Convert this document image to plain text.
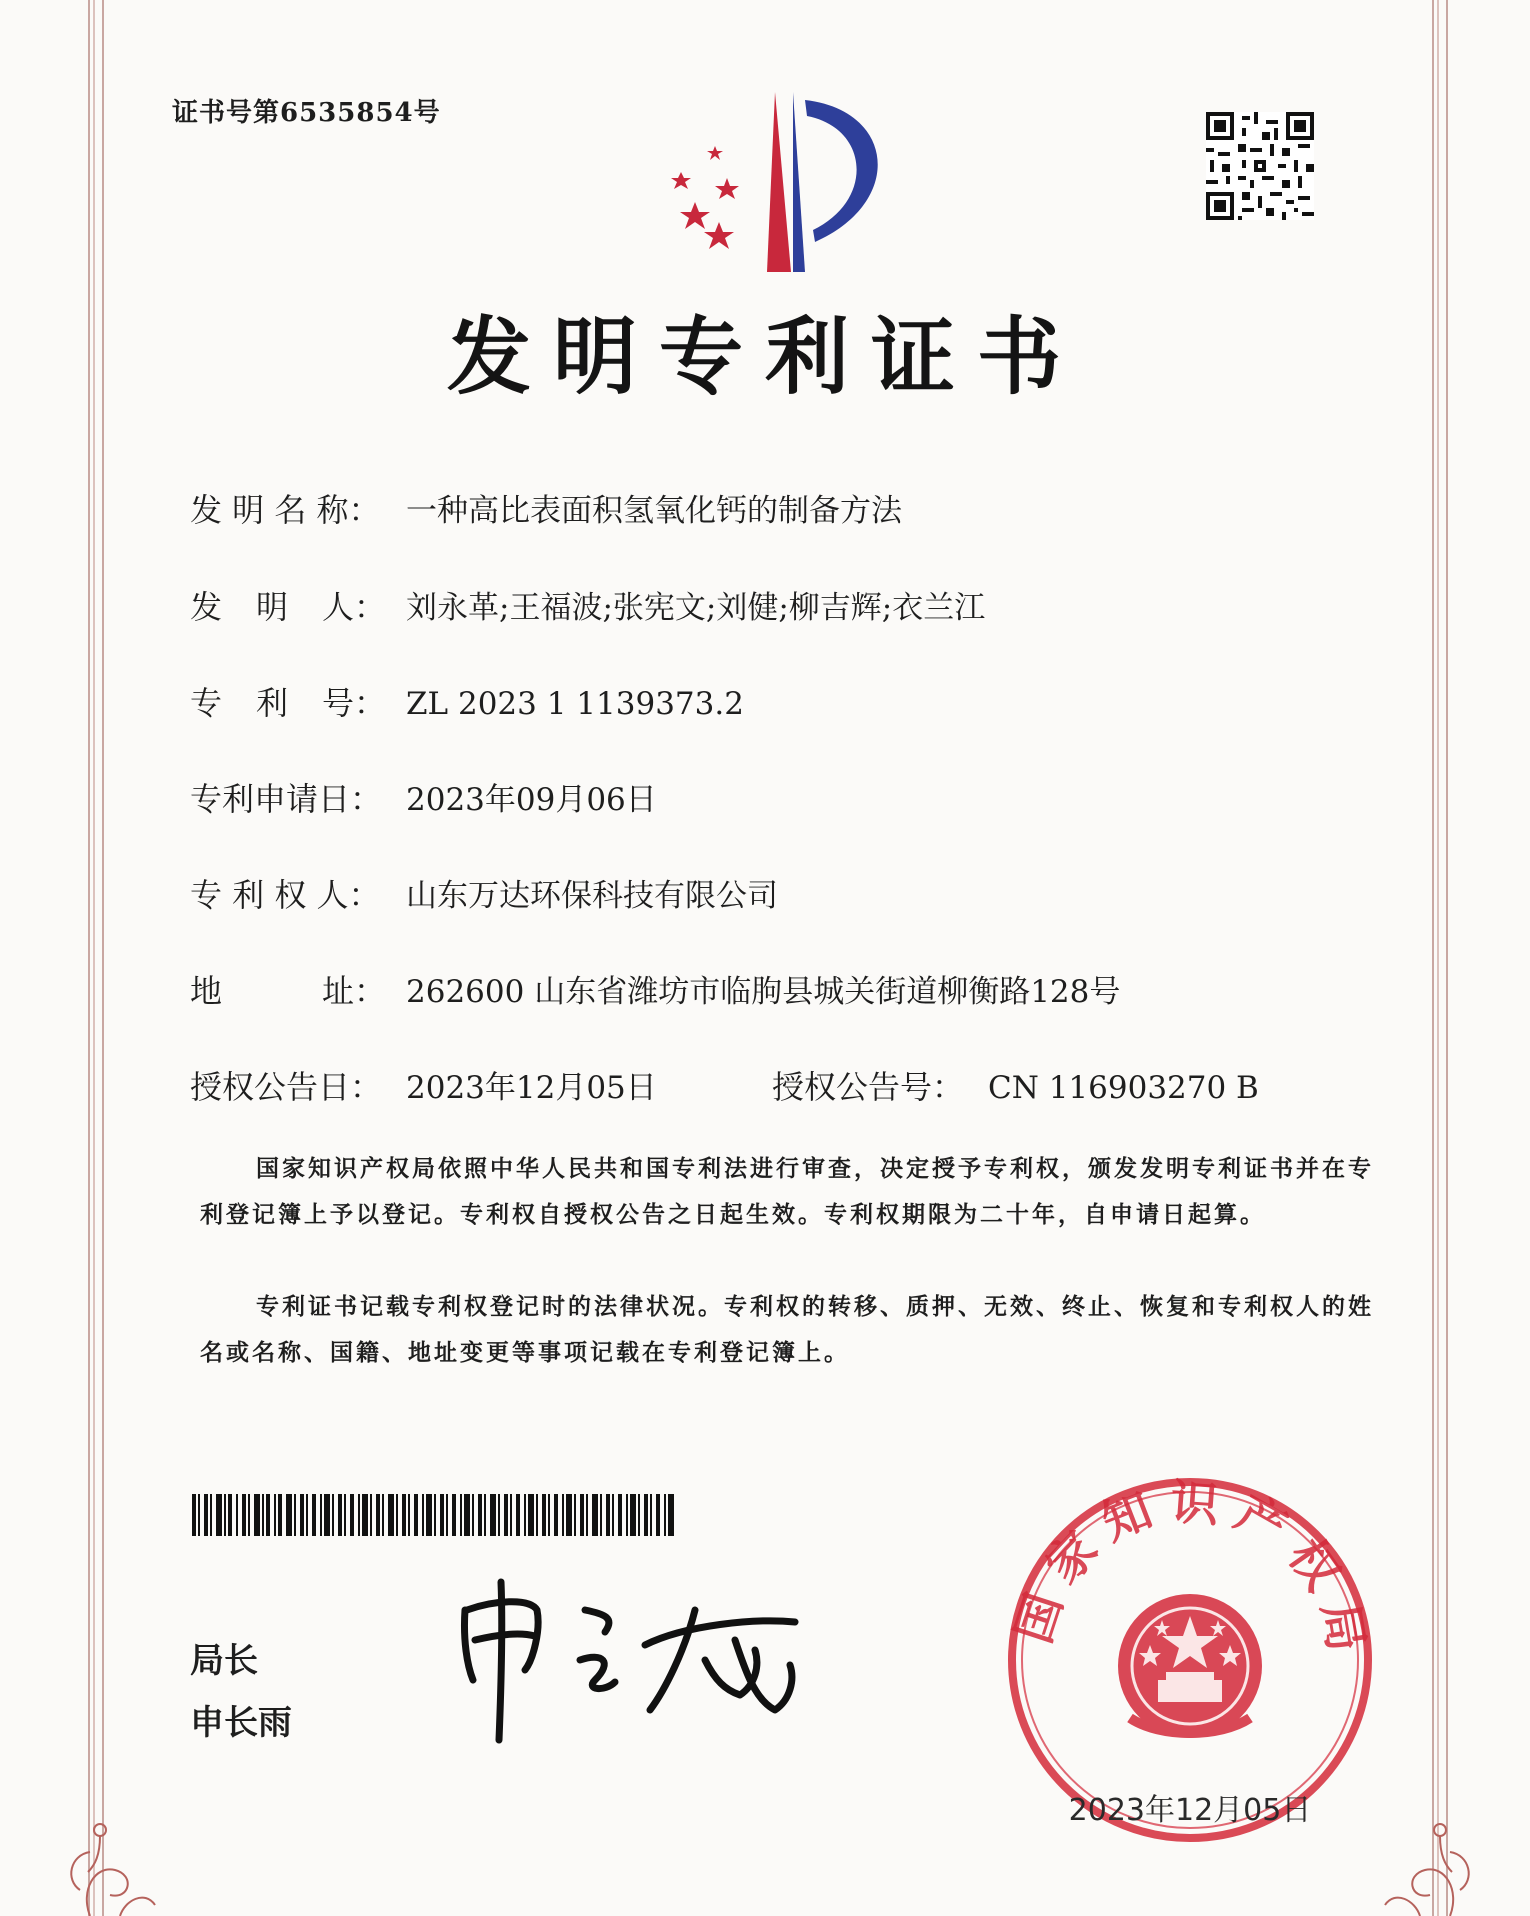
证书号第6535854号
发明专利证书
发 明 名 称： 一种高比表面积氢氧化钙的制备方法
发 明 人： 刘永革;王福波;张宪文;刘健;柳吉辉;衣兰江
专 利 号： ZL 2023 1 1139373.2
专利申请日： 2023年09月06日
专 利 权 人： 山东万达环保科技有限公司
地	址： 262600 山东省潍坊市临朐县城关街道柳衡路128号
授权公告日： 2023年12月05日	授权公告号： CN 116903270 B
国家知识产权局依照中华人民共和国专利法进行审查，决定授予专利权，颁发发明专利证书并在专利登记簿上予以登记。专利权自授权公告之日起生效。专利权期限为二十年，自申请日起算。
专利证书记载专利权登记时的法律状况。专利权的转移、质押、无效、终止、恢复和专利权人的姓名或名称、国籍、地址变更等事项记载在专利登记簿上。
局长
申长雨
国家知识产权局
2023年12月05日
